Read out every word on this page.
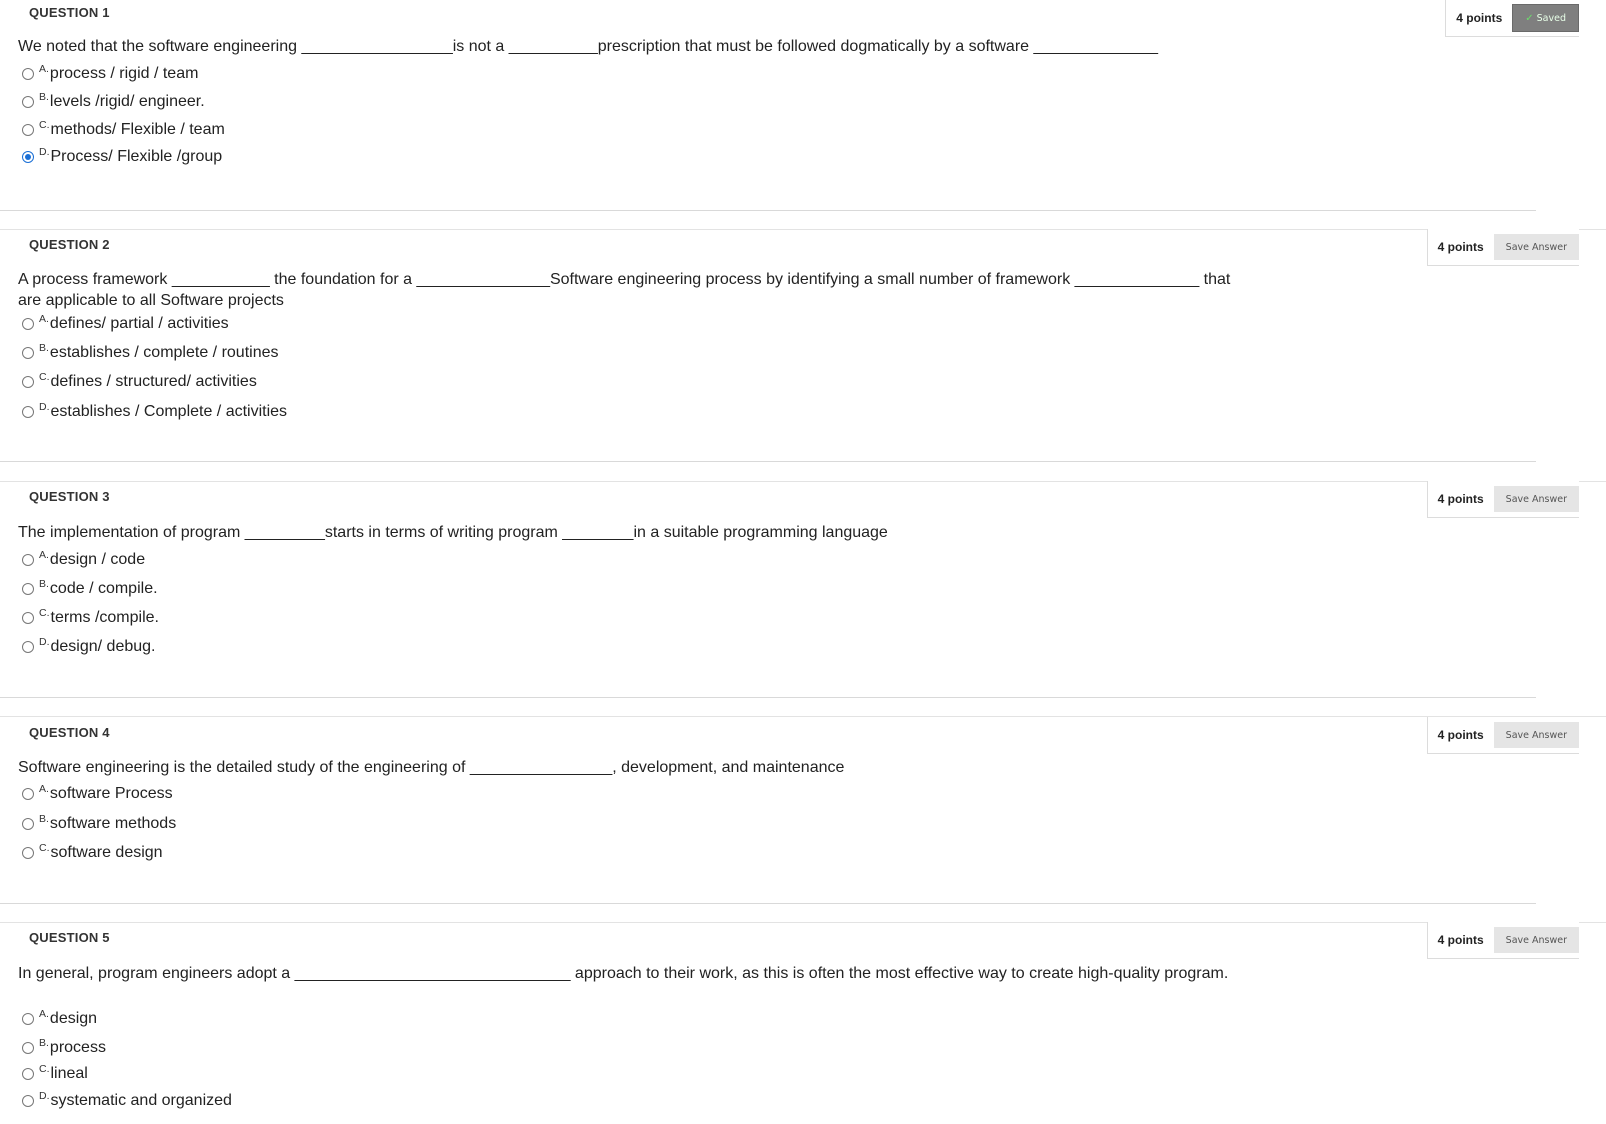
QUESTION 1	4 points ✓ Saved
We noted that the software engineering _________________is not a __________prescription that must be followed dogmatically by a software ______________
A. process / rigid / team
B. levels /rigid/ engineer.
C. methods/ Flexible / team
D. Process/ Flexible /group
QUESTION 2	4 points	Save Answer
A process framework ___________ the foundation for a _______________Software engineering process by identifying a small number of framework ______________ that are applicable to all Software projects
A. defines/ partial / activities
B. establishes / complete / routines
C. defines / structured/ activities
D. establishes / Complete / activities
QUESTION 3	4 points	Save Answer
The implementation of program _________starts in terms of writing program ________in a suitable programming language
A. design / code
B. code / compile.
C. terms /compile.
D. design/ debug.
QUESTION 4	4 points	Save Answer
Software engineering is the detailed study of the engineering of ________________, development, and maintenance
A. software Process
B. software methods
C. software design
QUESTION 5	4 points	Save Answer
In general, program engineers adopt a _______________________________ approach to their work, as this is often the most effective way to create high-quality program.
A. design
B. process
C. lineal
D. systematic and organized
